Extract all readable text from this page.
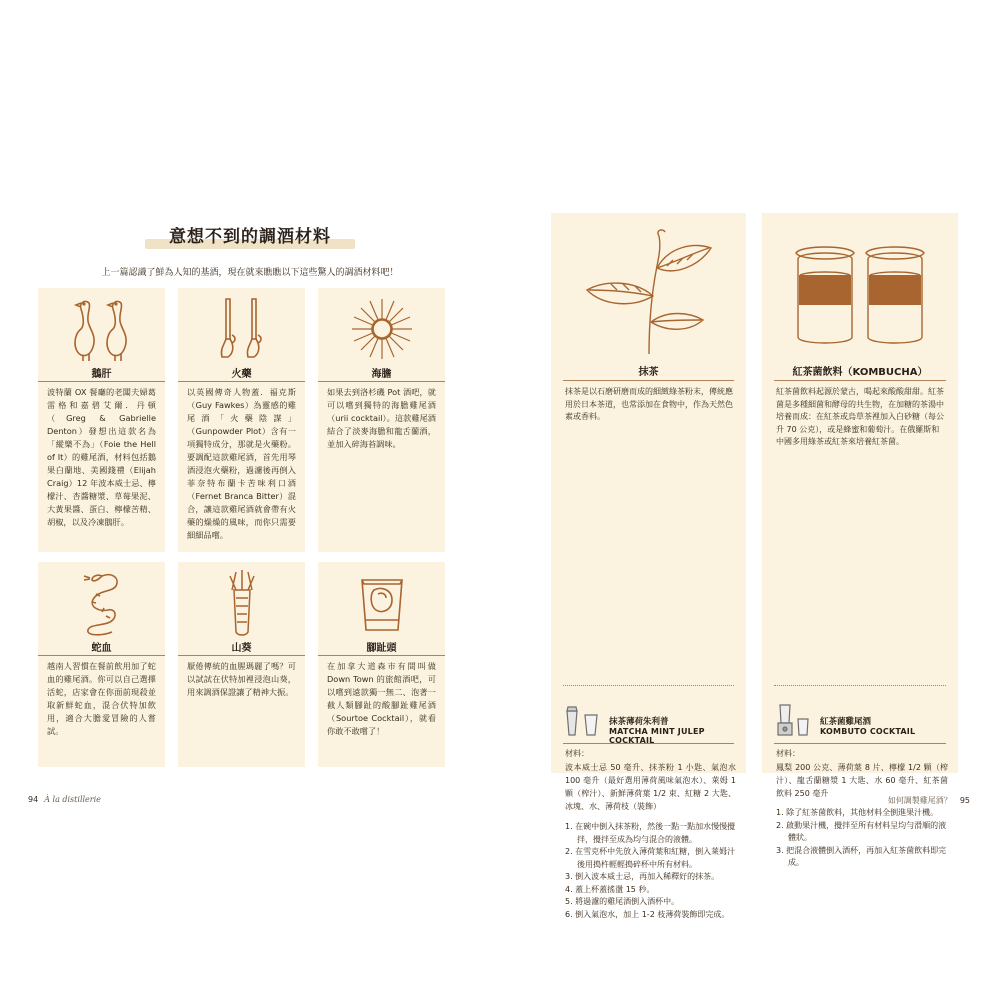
意想不到的調酒材料
上一篇認識了鮮為人知的基酒，現在就來瞧瞧以下這些驚人的調酒材料吧！
鵝肝
波特蘭 OX 餐廳的老闆夫婦葛雷格和嘉碧艾爾．丹頓（Greg & Gabrielle Denton）發想出這款名為「縱樂不為」（Foie the Hell of It）的雞尾酒，材料包括鵝果白蘭地、美國錢禮（Elijah Craig）12 年波本威士忌、檸檬汁、杏醬糖漿、草莓果泥、大黃果醬、蛋白、檸檬苦精、胡椒，以及冷凍鵝肝。
火藥
以英國傳奇人物蓋．福克斯（Guy Fawkes）為靈感的雞尾酒「火藥陰謀」（Gunpowder Plot）含有一項獨特成分，那就是火藥粉。要調配這款雞尾酒，首先用琴酒浸泡火藥粉，過濾後再倒入菲奈特布蘭卡苦味利口酒（Fernet Branca Bitter）混合，讓這款雞尾酒就會帶有火藥的燥燥的風味，而你只需要細細品嚐。
海膽
如果去到洛杉磯 Pot 酒吧，就可以嚐到獨特的海膽雞尾酒（urii cocktail）。這款雞尾酒結合了淡麥海膽和龍舌蘭酒，並加入碎海苔調味。
蛇血
越南人習慣在餐前飲用加了蛇血的雞尾酒。你可以自己選擇活蛇，店家會在你面前現殺並取新鮮蛇血，混合伏特加飲用，適合大膽愛冒險的人嘗試。
山葵
厭倦傳統的血腥瑪麗了嗎？可以試試在伏特加裡浸泡山葵，用來調酒保證讓了精神大振。
腳趾頭
在加拿大道森市有間叫做 Down Town 的旅館酒吧，可以嚐到遠款獨一無二、泡著一截人類腳趾的酸腳趾雞尾酒（Sourtoe Cocktail），就看你敢不敢嚐了！
抹茶
抹茶是以石磨研磨而成的細緻綠茶粉末，傳統應用於日本茶道，也常添加在食物中，作為天然色素或香料。
抹茶薄荷朱利普
MATCHA MINT JULEP COCKTAIL
材料：
波本威士忌 50 毫升、抹茶粉 1 小匙、氣泡水 100 毫升（最好選用薄荷風味氣泡水）、萊姆 1 顆（榨汁）、新鮮薄荷葉 1/2 束、紅糖 2 大匙、冰塊、水、薄荷枝（裝飾）
1. 在碗中倒入抹茶粉，然後一點一點加水慢慢攪拌，攪拌至成為均勻混合的液體。
2. 在雪克杯中先放入薄荷葉和紅糖，倒入萊姆汁後用搗杵輕輕搗碎杯中所有材料。
3. 倒入波本威士忌，再加入稀釋好的抹茶。
4. 蓋上杯蓋搖盪 15 秒。
5. 將過濾的雞尾酒倒入酒杯中。
6. 倒入氣泡水，加上 1-2 枝薄荷裝飾即完成。
紅茶菌飲料（KOMBUCHA）
紅茶菌飲料起源於蒙古，喝起來酸酸甜甜。紅茶菌是多種細菌和酵母的共生物，在加糖的茶湯中培養而成：在紅茶或烏草茶裡加入白砂糖（每公升 70 公克），或是蜂蜜和葡萄汁。在俄羅斯和中國多用綠茶或紅茶來培養紅茶菌。
紅茶菌雞尾酒
KOMBUTO COCKTAIL
材料：
鳳梨 200 公克、薄荷葉 8 片、檸檬 1/2 顆（榨汁）、龍舌蘭糖漿 1 大匙、水 60 毫升、紅茶菌飲料 250 毫升
1. 除了紅茶菌飲料，其他材料全倒進果汁機。
2. 啟動果汁機，攪拌至所有材料呈均勻滑順的液體狀。
3. 把混合液體倒入酒杯，再加入紅茶菌飲料即完成。
94 À la distillerie	如何調製雞尾酒？ 95
